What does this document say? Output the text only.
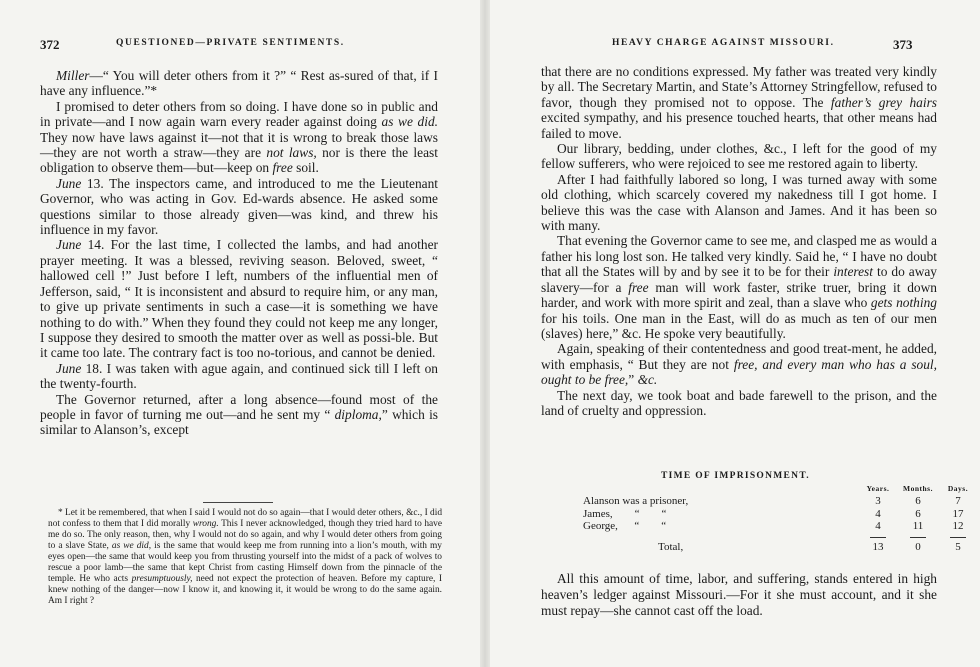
372	QUESTIONED—PRIVATE SENTIMENTS.

Miller—“ You will deter others from it ?” “ Rest as-sured of that, if I have any influence.”*

I promised to deter others from so doing. I have done so in public and in private—and I now again warn every reader against doing as we did. They now have laws against it—not that it is wrong to break those laws —they are not worth a straw—they are not laws, nor is there the least obligation to observe them—but—keep on free soil.

June 13. The inspectors came, and introduced to me the Lieutenant Governor, who was acting in Gov. Ed-wards absence. He asked some questions similar to those already given—was kind, and threw his influence in my favor.

June 14. For the last time, I collected the lambs, and had another prayer meeting. It was a blessed, reviving season. Beloved, sweet, “ hallowed cell !” Just before I left, numbers of the influential men of Jefferson, said, “ It is inconsistent and absurd to require him, or any man, to give up private sentiments in such a case—it is something we have nothing to do with.” When they found they could not keep me any longer, I suppose they desired to smooth the matter over as well as possi-ble. But it came too late. The contrary fact is too no-torious, and cannot be denied.

June 18. I was taken with ague again, and continued sick till I left on the twenty-fourth.

The Governor returned, after a long absence—found most of the people in favor of turning me out—and he sent my “ diploma,” which is similar to Alanson’s, except

* Let it be remembered, that when I said I would not do so again—that I would deter others, &c., I did not confess to them that I did morally wrong. This I never acknowledged, though they tried hard to have me do so. The only reason, then, why I would not do so again, and why I would deter others from going to a slave State, as we did, is the same that would keep me from running into a lion’s mouth, with my eyes open—the same that would keep you from thrusting yourself into the midst of a pack of wolves to rescue a poor lamb—the same that kept Christ from casting Himself down from the pinnacle of the temple. He who acts presumptuously, need not expect the protection of heaven. Before my capture, I knew nothing of the danger—now I know it, and knowing it, it would be wrong to do the same again. Am I right ?

HEAVY CHARGE AGAINST MISSOURI.	373

that there are no conditions expressed. My father was treated very kindly by all. The Secretary Martin, and State’s Attorney Stringfellow, refused to favor, though they promised not to oppose. The father’s grey hairs excited sympathy, and his presence touched hearts, that other means had failed to move.

Our library, bedding, under clothes, &c., I left for the good of my fellow sufferers, who were rejoiced to see me restored again to liberty.

After I had faithfully labored so long, I was turned away with some old clothing, which scarcely covered my nakedness till I got home. I believe this was the case with Alanson and James. And it has been so with many.

That evening the Governor came to see me, and clasped me as would a father his long lost son. He talked very kindly. Said he, “ I have no doubt that all the States will by and by see it to be for their interest to do away slavery—for a free man will work faster, strike truer, bring it down harder, and work with more spirit and zeal, than a slave who gets nothing for his toils. One man in the East, will do as much as ten of our men (slaves) here,” &c. He spoke very beautifully.

Again, speaking of their contentedness and good treat-ment, he added, with emphasis, “ But they are not free, and every man who has a soul, ought to be free,” &c.

The next day, we took boat and bade farewell to the prison, and the land of cruelty and oppression.

TIME OF IMPRISONMENT.
	Years.	Months.	Days.
Alanson was a prisoner,	3	6	7
James,        “        “	4	6	17
George,      “        “	4	11	12

Total,	13	0	5

All this amount of time, labor, and suffering, stands entered in high heaven’s ledger against Missouri.—For it she must account, and it she must repay—she cannot cast off the load.
